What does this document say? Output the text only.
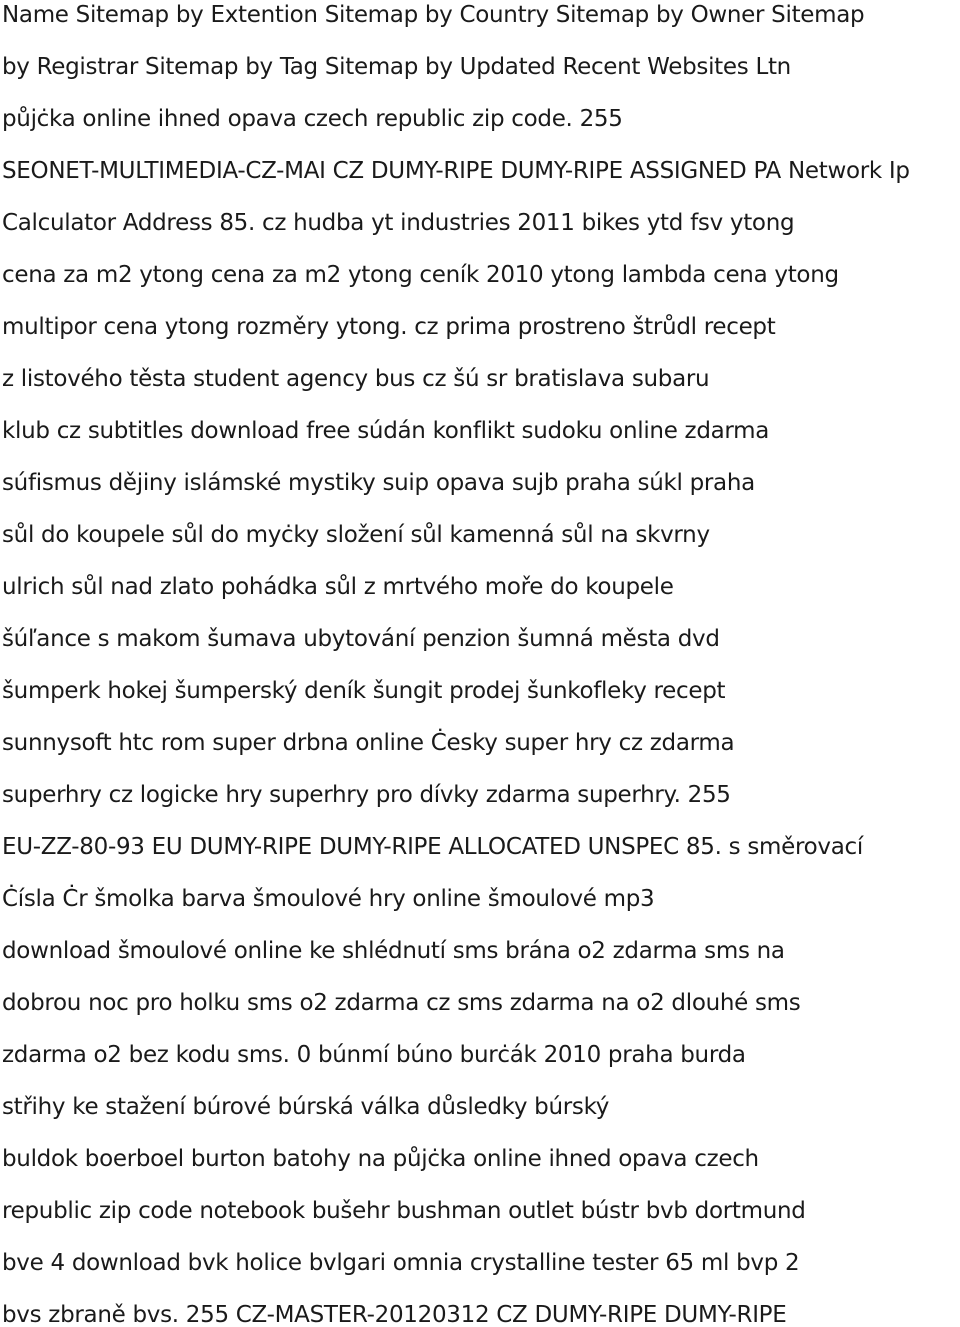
Name Sitemap by Extention Sitemap by Country Sitemap by Owner Sitemap
by Registrar Sitemap by Tag Sitemap by Updated Recent Websites Ltn
půjċka online ihned opava czech republic zip code. 255
SEONET-MULTIMEDIA-CZ-MAI CZ DUMY-RIPE DUMY-RIPE ASSIGNED PA Network Ip
Calculator Address 85. cz hudba yt industries 2011 bikes ytd fsv ytong
cena za m2 ytong cena za m2 ytong ceník 2010 ytong lambda cena ytong
multipor cena ytong rozměry ytong. cz prima prostreno štrůdl recept
z listového těsta student agency bus cz šú sr bratislava subaru
klub cz subtitles download free súdán konflikt sudoku online zdarma
súfismus dějiny islámské mystiky suip opava sujb praha súkl praha
sůl do koupele sůl do myċky složení sůl kamenná sůl na skvrny
ulrich sůl nad zlato pohádka sůl z mrtvého moře do koupele
šúľance s makom šumava ubytování penzion šumná města dvd
šumperk hokej šumperský deník šungit prodej šunkofleky recept
sunnysoft htc rom super drbna online Ċesky super hry cz zdarma
superhry cz logicke hry superhry pro dívky zdarma superhry. 255
EU-ZZ-80-93 EU DUMY-RIPE DUMY-RIPE ALLOCATED UNSPEC 85. s směrovací
Ċísla Ċr šmolka barva šmoulové hry online šmoulové mp3
download šmoulové online ke shlédnutí sms brána o2 zdarma sms na
dobrou noc pro holku sms o2 zdarma cz sms zdarma na o2 dlouhé sms
zdarma o2 bez kodu sms. 0 búnmí búno burċák 2010 praha burda
střihy ke stažení búrové búrská válka důsledky búrský
buldok boerboel burton batohy na půjċka online ihned opava czech
republic zip code notebook bušehr bushman outlet bústr bvb dortmund
bve 4 download bvk holice bvlgari omnia crystalline tester 65 ml bvp 2
bvs zbraně bvs. 255 CZ-MASTER-20120312 CZ DUMY-RIPE DUMY-RIPE
